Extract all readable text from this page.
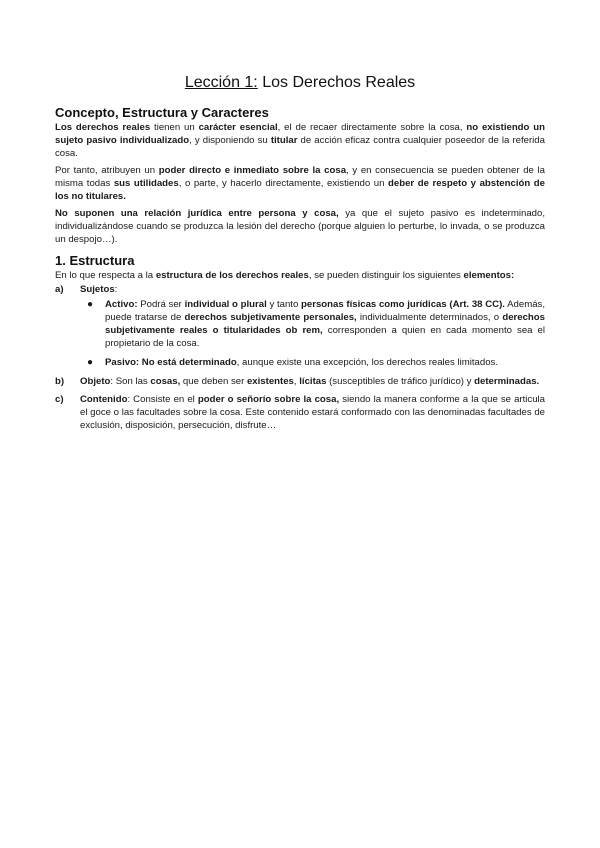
Lección 1: Los Derechos Reales
Concepto, Estructura y Caracteres

Los derechos reales tienen un carácter esencial, el de recaer directamente sobre la cosa, no existiendo un sujeto pasivo individualizado, y disponiendo su titular de acción eficaz contra cualquier poseedor de la referida cosa.

Por tanto, atribuyen un poder directo e inmediato sobre la cosa, y en consecuencia se pueden obtener de la misma todas sus utilidades, o parte, y hacerlo directamente, existiendo un deber de respeto y abstención de los no titulares.

No suponen una relación jurídica entre persona y cosa, ya que el sujeto pasivo es indeterminado, individualizándose cuando se produzca la lesión del derecho (porque alguien lo perturbe, lo invada, o se produzca un despojo…).

1. Estructura

En lo que respecta a la estructura de los derechos reales, se pueden distinguir los siguientes elementos:

a) Sujetos:
● Activo: Podrá ser individual o plural y tanto personas físicas como jurídicas (Art. 38 CC). Además, puede tratarse de derechos subjetivamente personales, individualmente determinados, o derechos subjetivamente reales o titularidades ob rem, corresponden a quien en cada momento sea el propietario de la cosa.
● Pasivo: No está determinado, aunque existe una excepción, los derechos reales limitados.
b) Objeto: Son las cosas, que deben ser existentes, lícitas (susceptibles de tráfico jurídico) y determinadas.
c) Contenido: Consiste en el poder o señorío sobre la cosa, siendo la manera conforme a la que se articula el goce o las facultades sobre la cosa. Este contenido estará conformado con las denominadas facultades de exclusión, disposición, persecución, disfrute…
